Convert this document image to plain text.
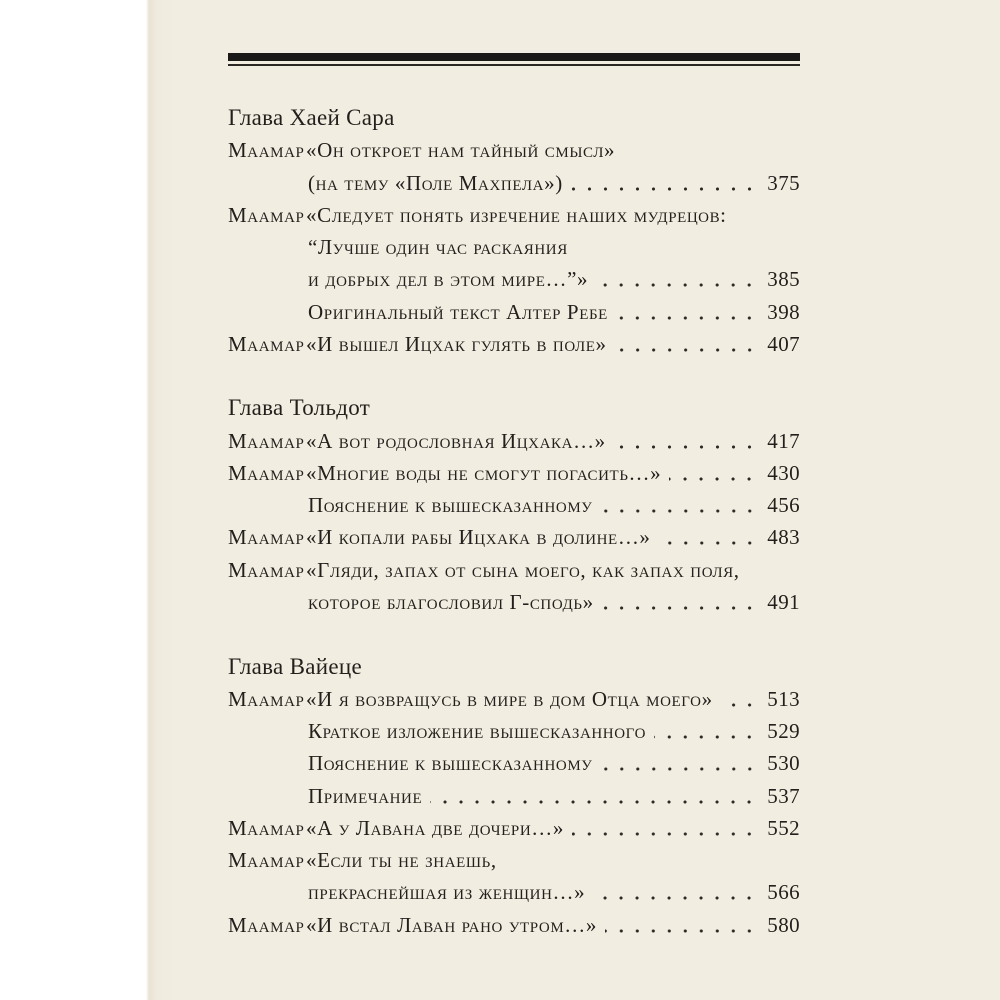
Глава Хаей Сара
Маамар «Он откроет нам тайный смысл»
(на тему «Поле Махпела»)	375
Маамар «Следует понять изречение наших мудрецов:
“Лучше один час раскаяния
и добрых дел в этом мире…”»	385
Оригинальный текст Алтер Ребе	398
Маамар «И вышел Ицхак гулять в поле»	407
Глава Тольдот
Маамар «А вот родословная Ицхака…»	417
Маамар «Многие воды не смогут погасить…»	430
Пояснение к вышесказанному	456
Маамар «И копали рабы Ицхака в долине…»	483
Маамар «Гляди, запах от сына моего, как запах поля,
которое благословил Г-сподь»	491
Глава Вайеце
Маамар «И я возвращусь в мире в дом Отца моего»	513
Краткое изложение вышесказанного	529
Пояснение к вышесказанному	530
Примечание	537
Маамар «А у Лавана две дочери…»	552
Маамар «Если ты не знаешь,
прекраснейшая из женщин…»	566
Маамар «И встал Лаван рано утром…»	580
